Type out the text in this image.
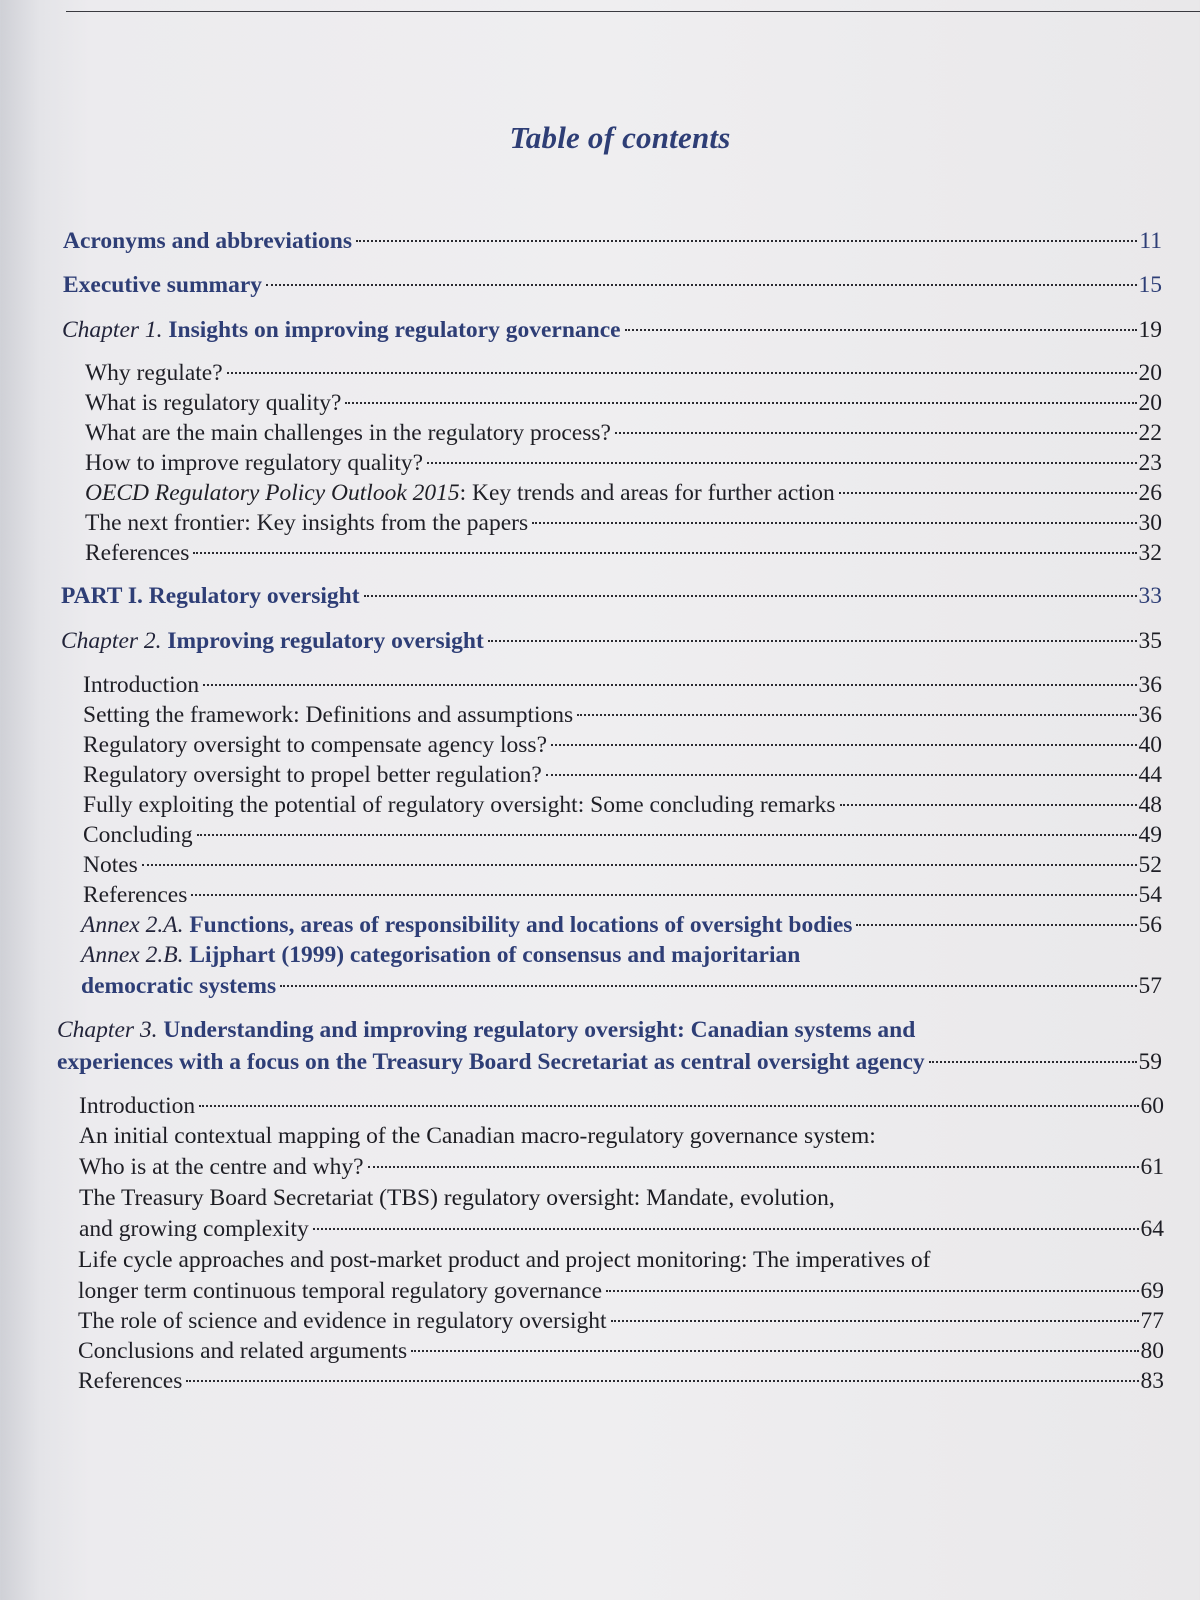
Table of contents
Acronyms and abbreviations	11
Executive summary	15
Chapter 1. Insights on improving regulatory governance	19
Why regulate?	20
What is regulatory quality?	20
What are the main challenges in the regulatory process?	22
How to improve regulatory quality?	23
OECD Regulatory Policy Outlook 2015: Key trends and areas for further action	26
The next frontier: Key insights from the papers	30
References	32
PART I. Regulatory oversight	33
Chapter 2. Improving regulatory oversight	35
Introduction	36
Setting the framework: Definitions and assumptions	36
Regulatory oversight to compensate agency loss?	40
Regulatory oversight to propel better regulation?	44
Fully exploiting the potential of regulatory oversight: Some concluding remarks	48
Concluding	49
Notes	52
References	54
Annex 2.A. Functions, areas of responsibility and locations of oversight bodies	56
Annex 2.B. Lijphart (1999) categorisation of consensus and majoritarian
democratic systems	57
Chapter 3. Understanding and improving regulatory oversight: Canadian systems and
experiences with a focus on the Treasury Board Secretariat as central oversight agency	59
Introduction	60
An initial contextual mapping of the Canadian macro-regulatory governance system:
Who is at the centre and why?	61
The Treasury Board Secretariat (TBS) regulatory oversight: Mandate, evolution,
and growing complexity	64
Life cycle approaches and post-market product and project monitoring: The imperatives of
longer term continuous temporal regulatory governance	69
The role of science and evidence in regulatory oversight	77
Conclusions and related arguments	80
References	83
